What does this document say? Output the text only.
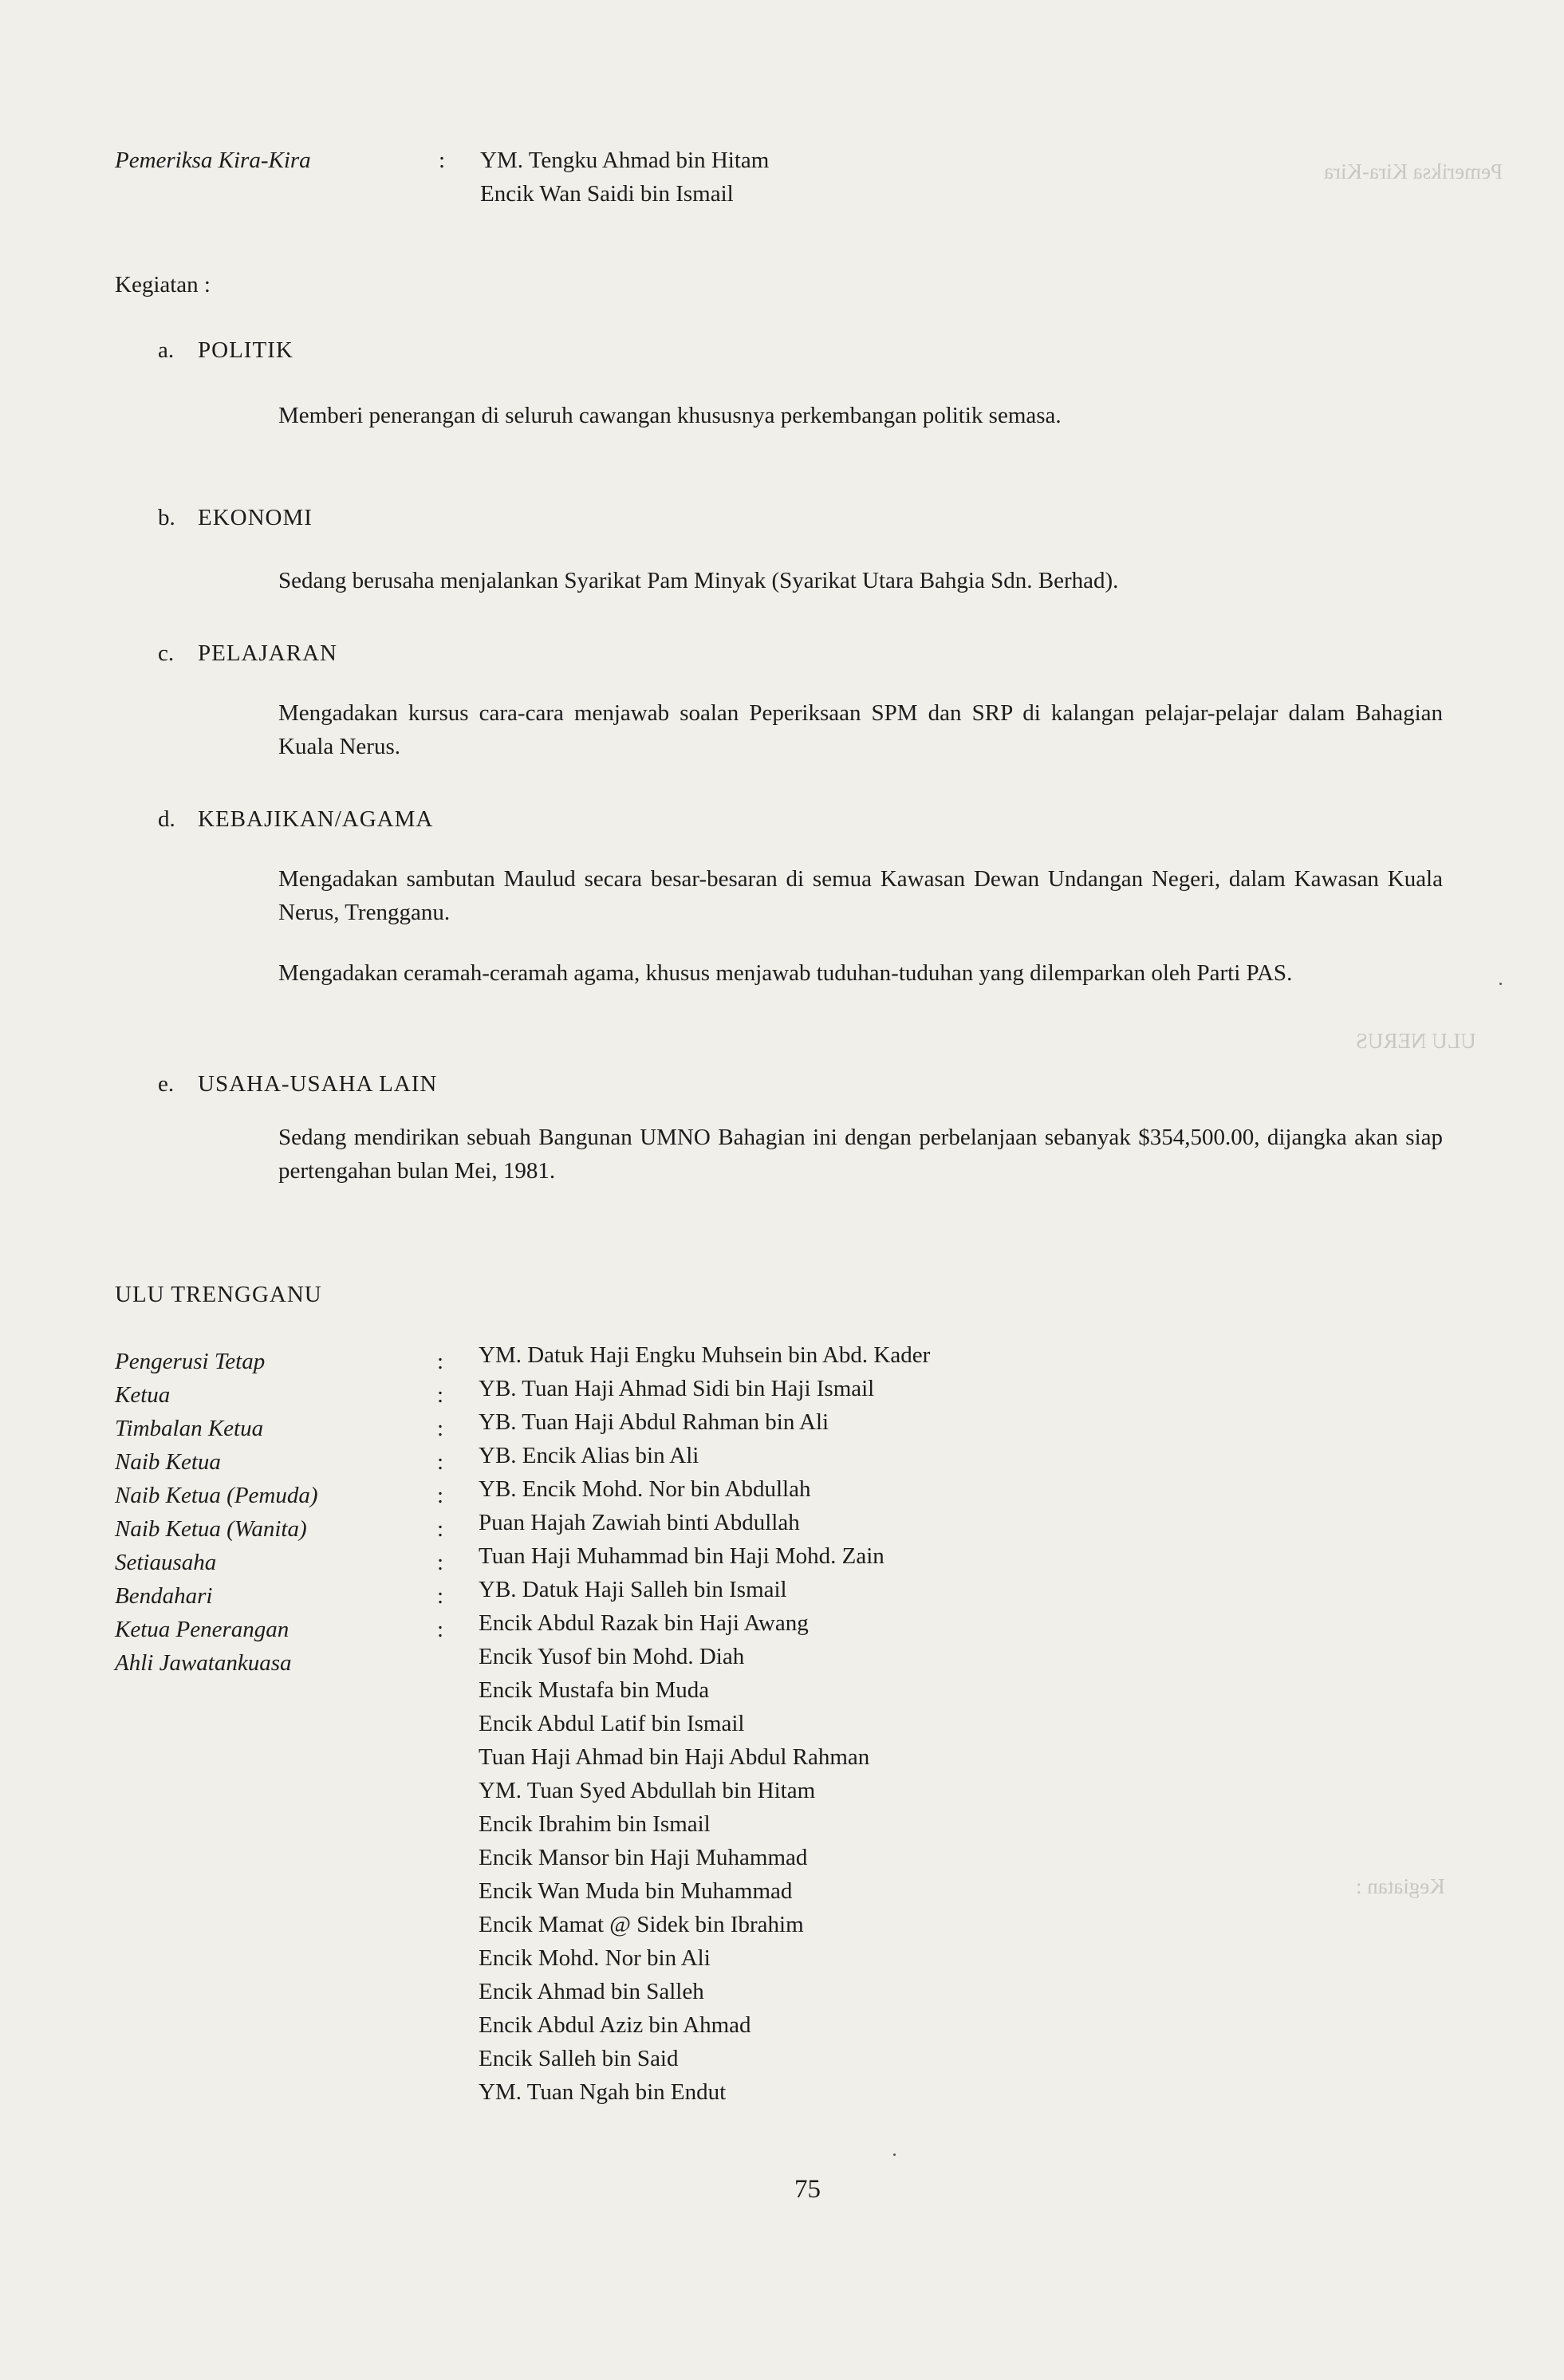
Pemeriksa Kira-Kira
ULU NERUS
Kegiatan :
Pemeriksa Kira-Kira	: YM. Tengku Ahmad bin Hitam
Encik Wan Saidi bin Ismail
Kegiatan :
a. POLITIK
Memberi penerangan di seluruh cawangan khususnya perkembangan politik semasa.
b. EKONOMI
Sedang berusaha menjalankan Syarikat Pam Minyak (Syarikat Utara Bahgia Sdn. Berhad).
c. PELAJARAN
Mengadakan kursus cara-cara menjawab soalan Peperiksaan SPM dan SRP di kalangan pelajar-pelajar dalam Bahagian Kuala Nerus.
d. KEBAJIKAN/AGAMA
Mengadakan sambutan Maulud secara besar-besaran di semua Kawasan Dewan Undangan Negeri, dalam Kawasan Kuala Nerus, Trengganu.
Mengadakan ceramah-ceramah agama, khusus menjawab tuduhan-tuduhan yang dilemparkan oleh Parti PAS.
e. USAHA-USAHA LAIN
Sedang mendirikan sebuah Bangunan UMNO Bahagian ini dengan perbelanjaan sebanyak $354,500.00, dijangka akan siap pertengahan bulan Mei, 1981.
ULU TRENGGANU
Pengerusi Tetap
Ketua
Timbalan Ketua
Naib Ketua
Naib Ketua (Pemuda)
Naib Ketua (Wanita)
Setiausaha
Bendahari
Ketua Penerangan
Ahli Jawatankuasa
:
:
:
:
:
:
:
:
:
YM. Datuk Haji Engku Muhsein bin Abd. Kader
YB. Tuan Haji Ahmad Sidi bin Haji Ismail
YB. Tuan Haji Abdul Rahman bin Ali
YB. Encik Alias bin Ali
YB. Encik Mohd. Nor bin Abdullah
Puan Hajah Zawiah binti Abdullah
Tuan Haji Muhammad bin Haji Mohd. Zain
YB. Datuk Haji Salleh bin Ismail
Encik Abdul Razak bin Haji Awang
Encik Yusof bin Mohd. Diah
Encik Mustafa bin Muda
Encik Abdul Latif bin Ismail
Tuan Haji Ahmad bin Haji Abdul Rahman
YM. Tuan Syed Abdullah bin Hitam
Encik Ibrahim bin Ismail
Encik Mansor bin Haji Muhammad
Encik Wan Muda bin Muhammad
Encik Mamat @ Sidek bin Ibrahim
Encik Mohd. Nor bin Ali
Encik Ahmad bin Salleh
Encik Abdul Aziz bin Ahmad
Encik Salleh bin Said
YM. Tuan Ngah bin Endut
75
